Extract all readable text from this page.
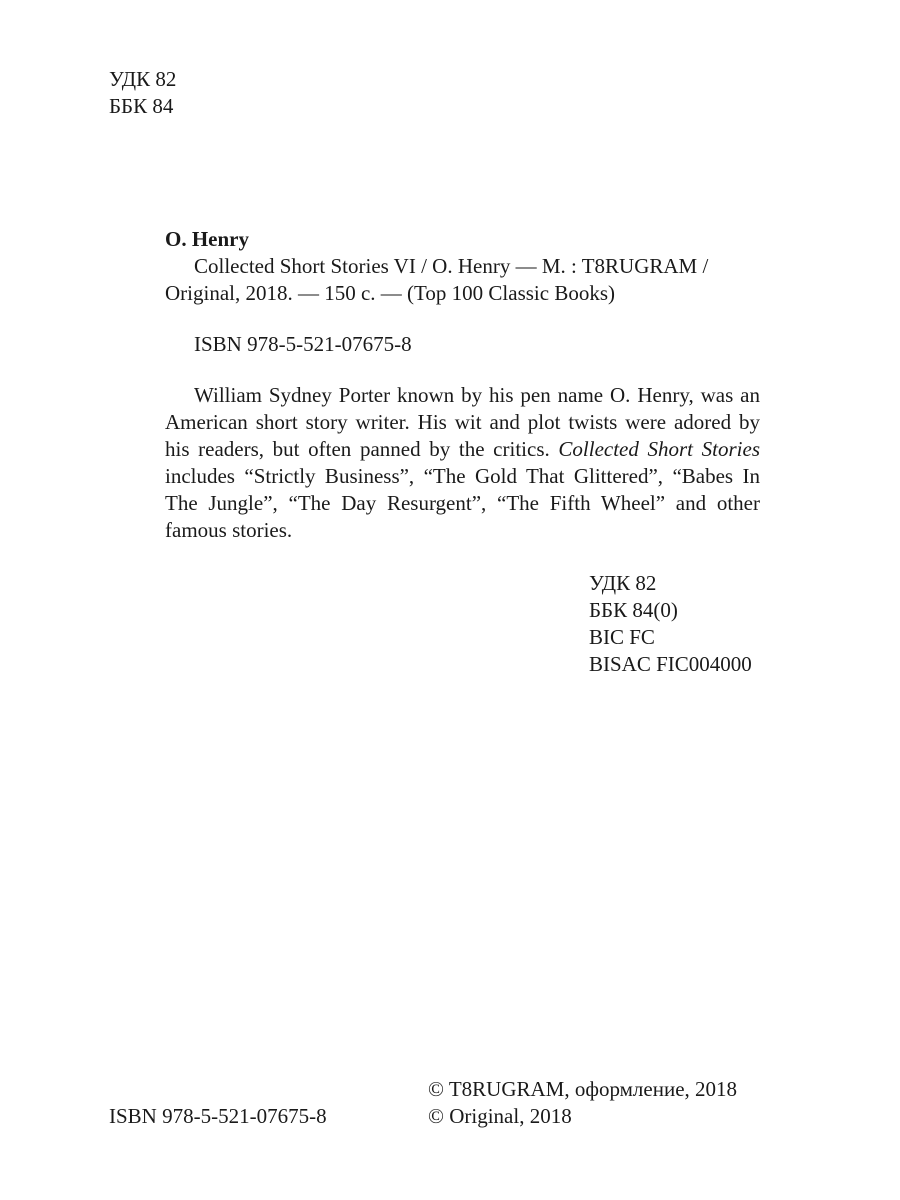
УДК 82
ББК 84
O. Henry
Collected Short Stories VI / O. Henry — M. : T8RUGRAM /
Original, 2018. — 150 c. — (Top 100 Classic Books)
ISBN 978-5-521-07675-8

William Sydney Porter known by his pen name O. Henry, was an American short story writer. His wit and plot twists were adored by his readers, but often panned by the critics. Collected Short Stories includes “Strictly Business”, “The Gold That Glittered”, “Babes In The Jungle”, “The Day Resurgent”, “The Fifth Wheel” and other famous stories.

УДК 82
ББК 84(0)
BIC FC
BISAC FIC004000
ISBN 978-5-521-07675-8
© T8RUGRAM, оформление, 2018
© Original, 2018
